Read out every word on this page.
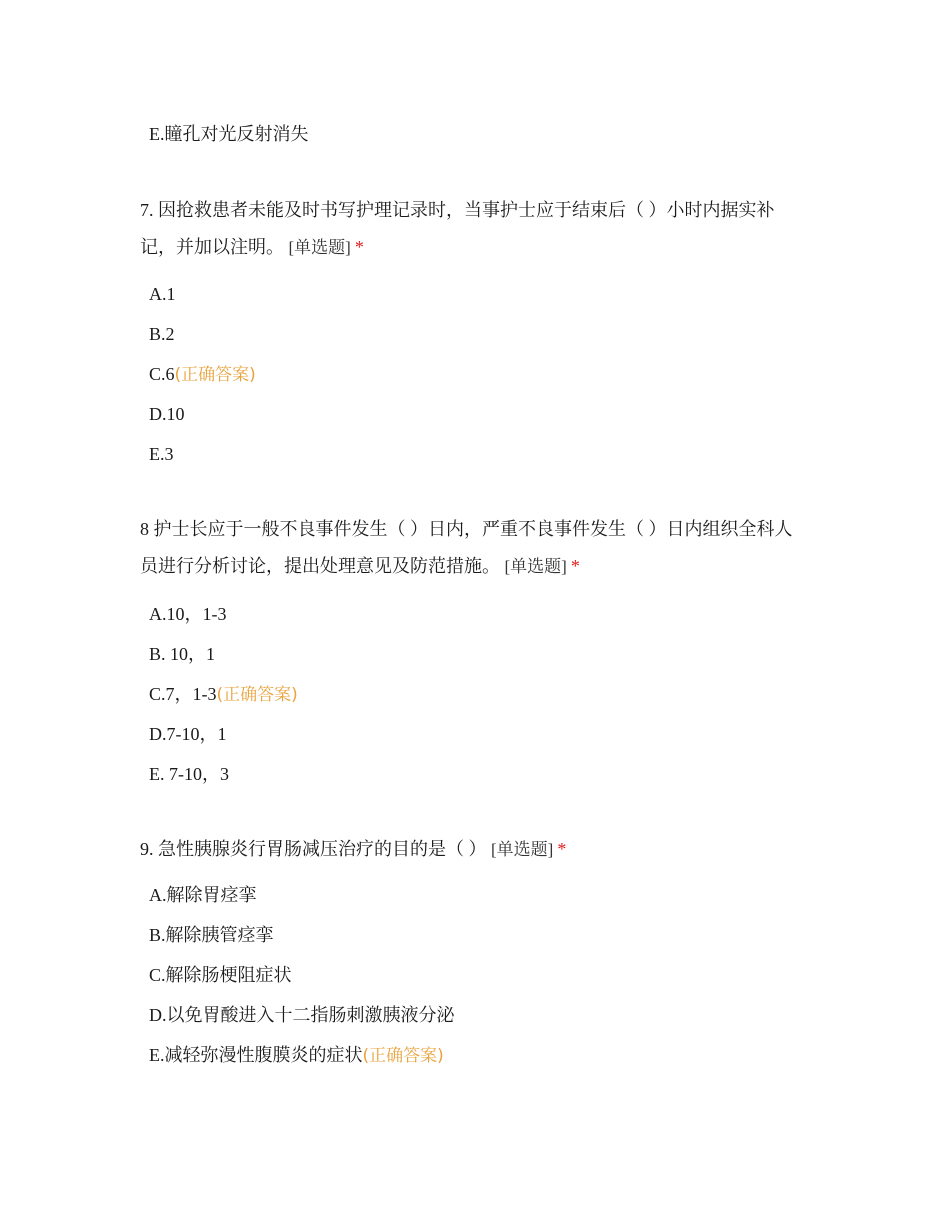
E.瞳孔对光反射消失
7. 因抢救患者未能及时书写护理记录时，当事护士应于结束后（ ）小时内据实补记，并加以注明。 [单选题] *
A.1
B.2
C.6(正确答案)
D.10
E.3
8 护士长应于一般不良事件发生（ ）日内，严重不良事件发生（ ）日内组织全科人员进行分析讨论，提出处理意见及防范措施。 [单选题] *
A.10，1-3
B. 10，1
C.7，1-3(正确答案)
D.7-10，1
E. 7-10，3
9. 急性胰腺炎行胃肠减压治疗的目的是（ ） [单选题] *
A.解除胃痉挛
B.解除胰管痉挛
C.解除肠梗阻症状
D.以免胃酸进入十二指肠刺激胰液分泌
E.减轻弥漫性腹膜炎的症状(正确答案)
